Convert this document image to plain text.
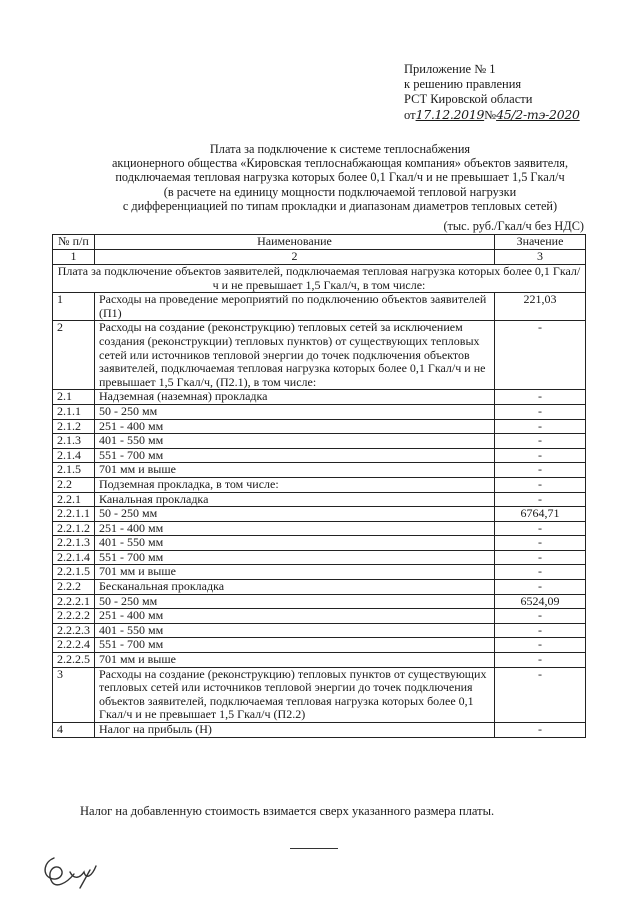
Приложение № 1
к решению правления
РСТ Кировской области
от 17.12.2019 № 45/2-тэ-2020
Плата за подключение к системе теплоснабжения
акционерного общества «Кировская теплоснабжающая компания» объектов заявителя,
подключаемая тепловая нагрузка которых более 0,1 Гкал/ч и не превышает 1,5 Гкал/ч
(в расчете на единицу мощности подключаемой тепловой нагрузки
с дифференциацией по типам прокладки и диапазонам диаметров тепловых сетей)
(тыс. руб./Гкал/ч без НДС)
№ п/п	Наименование	Значение
1	2	3
Плата за подключение объектов заявителей, подключаемая тепловая нагрузка которых более 0,1 Гкал/ч и не превышает 1,5 Гкал/ч, в том числе:		
1	Расходы на проведение мероприятий по подключению объектов заявителей (П1)	221,03
2	Расходы на создание (реконструкцию) тепловых сетей за исключением создания (реконструкции) тепловых пунктов) от существующих тепловых сетей или источников тепловой энергии до точек подключения объектов заявителей, подключаемая тепловая нагрузка которых более 0,1 Гкал/ч и не превышает 1,5 Гкал/ч, (П2.1), в том числе:	-
2.1	Надземная (наземная) прокладка	-
2.1.1	50 - 250 мм	-
2.1.2	251 - 400 мм	-
2.1.3	401 - 550 мм	-
2.1.4	551 - 700 мм	-
2.1.5	701 мм и выше	-
2.2	Подземная прокладка, в том числе:	-
2.2.1	Канальная прокладка	-
2.2.1.1	50 - 250 мм	6764,71
2.2.1.2	251 - 400 мм	-
2.2.1.3	401 - 550 мм	-
2.2.1.4	551 - 700 мм	-
2.2.1.5	701 мм и выше	-
2.2.2	Бесканальная прокладка	-
2.2.2.1	50 - 250 мм	6524,09
2.2.2.2	251 - 400 мм	-
2.2.2.3	401 - 550 мм	-
2.2.2.4	551 - 700 мм	-
2.2.2.5	701 мм и выше	-
3	Расходы на создание (реконструкцию) тепловых пунктов от существующих тепловых сетей или источников тепловой энергии до точек подключения объектов заявителей, подключаемая тепловая нагрузка которых более 0,1 Гкал/ч и не превышает 1,5 Гкал/ч (П2.2)	-
4	Налог на прибыль (Н)	-
Налог на добавленную стоимость взимается сверх указанного размера платы.
